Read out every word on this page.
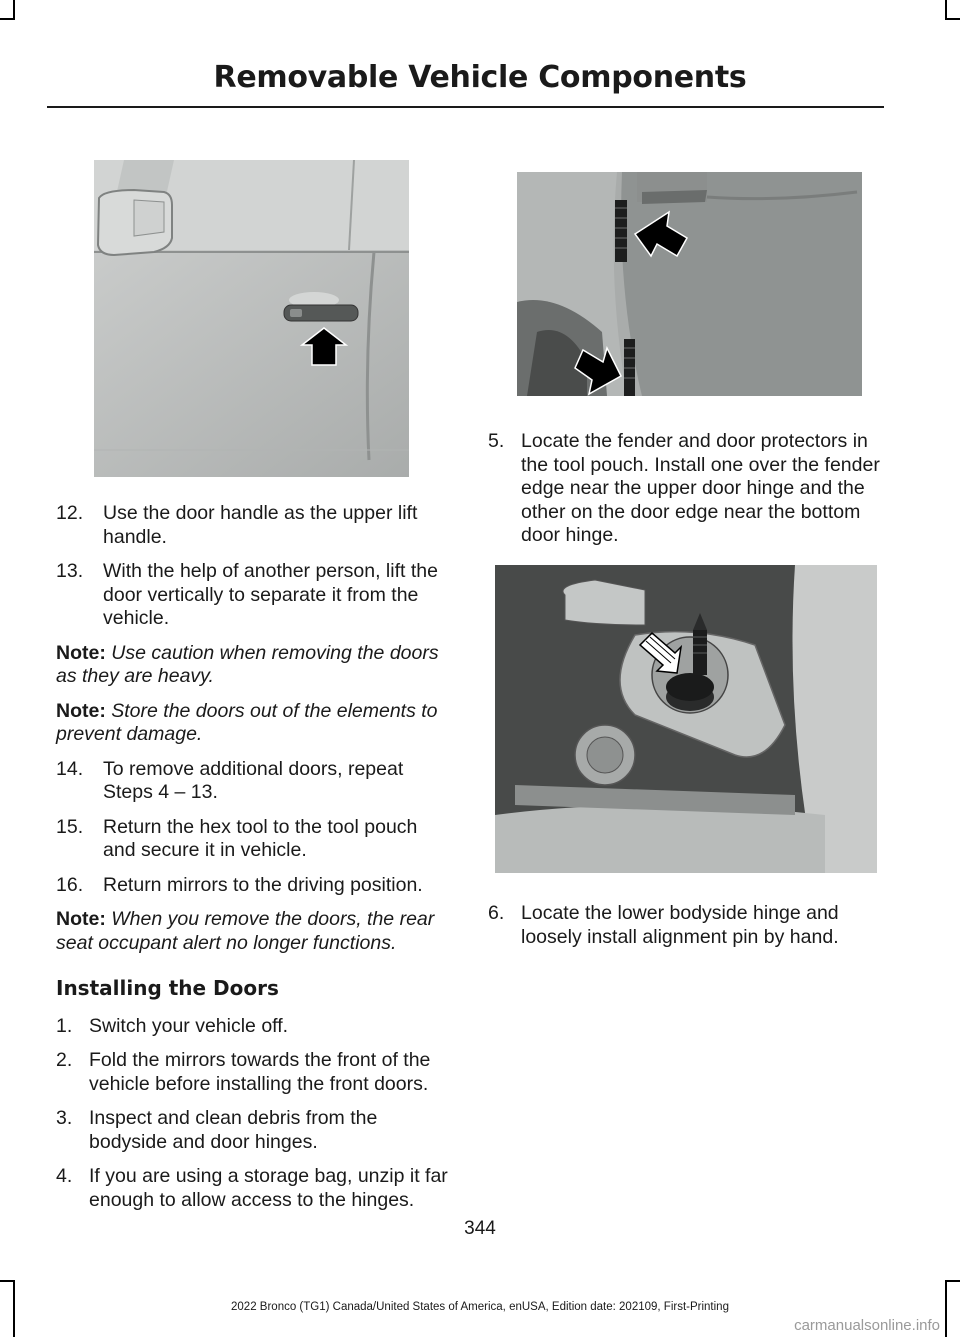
Removable Vehicle Components
12. Use the door handle as the upper lift handle.
13. With the help of another person, lift the door vertically to separate it from the vehicle.
Note: Use caution when removing the doors as they are heavy.
Note: Store the doors out of the elements to prevent damage.
14. To remove additional doors, repeat Steps 4 – 13.
15. Return the hex tool to the tool pouch and secure it in vehicle.
16. Return mirrors to the driving position.
Note: When you remove the doors, the rear seat occupant alert no longer functions.
Installing the Doors
1. Switch your vehicle off.
2. Fold the mirrors towards the front of the vehicle before installing the front doors.
3. Inspect and clean debris from the bodyside and door hinges.
4. If you are using a storage bag, unzip it far enough to allow access to the hinges.
5. Locate the fender and door protectors in the tool pouch. Install one over the fender edge near the upper door hinge and the other on the door edge near the bottom door hinge.
6. Locate the lower bodyside hinge and loosely install alignment pin by hand.
344
2022 Bronco (TG1) Canada/United States of America, enUSA, Edition date: 202109, First-Printing
carmanualsonline.info
